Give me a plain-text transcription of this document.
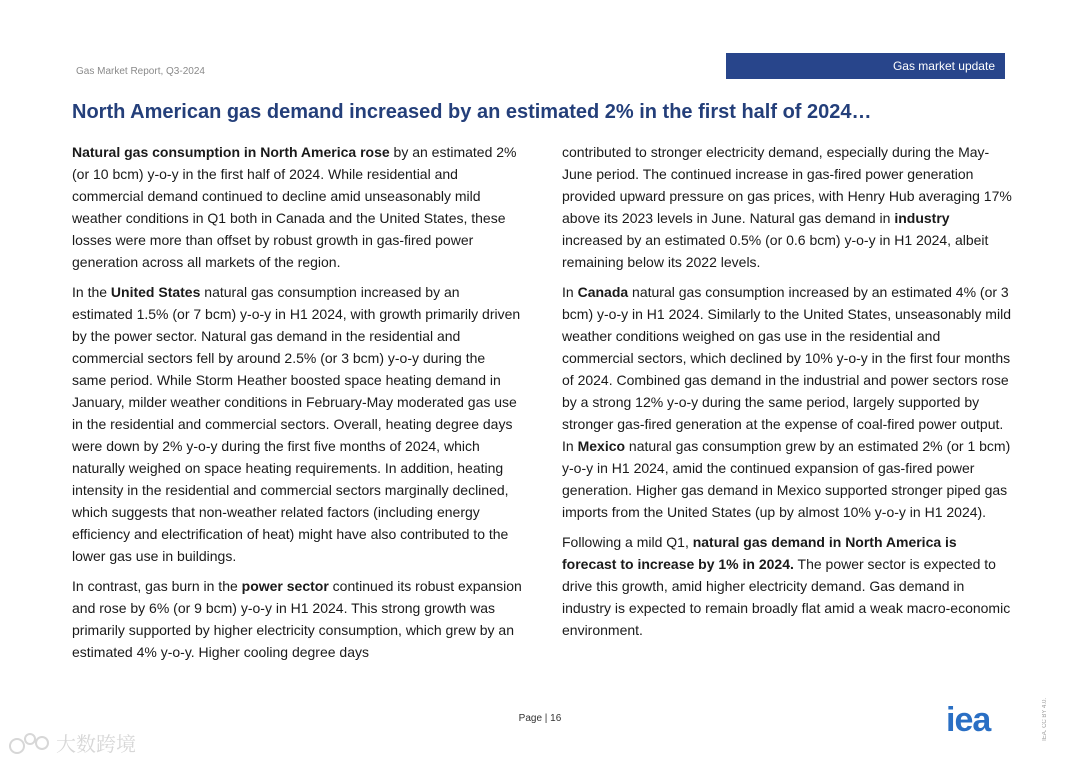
Gas Market Report, Q3-2024	Gas market update
North American gas demand increased by an estimated 2% in the first half of 2024…

Natural gas consumption in North America rose by an estimated 2% (or 10 bcm) y-o-y in the first half of 2024. While residential and commercial demand continued to decline amid unseasonably mild weather conditions in Q1 both in Canada and the United States, these losses were more than offset by robust growth in gas-fired power generation across all markets of the region.

In the United States natural gas consumption increased by an estimated 1.5% (or 7 bcm) y-o-y in H1 2024, with growth primarily driven by the power sector. Natural gas demand in the residential and commercial sectors fell by around 2.5% (or 3 bcm) y-o-y during the same period. While Storm Heather boosted space heating demand in January, milder weather conditions in February-May moderated gas use in the residential and commercial sectors. Overall, heating degree days were down by 2% y-o-y during the first five months of 2024, which naturally weighed on space heating requirements. In addition, heating intensity in the residential and commercial sectors marginally declined, which suggests that non-weather related factors (including energy efficiency and electrification of heat) might have also contributed to the lower gas use in buildings.

In contrast, gas burn in the power sector continued its robust expansion and rose by 6% (or 9 bcm) y-o-y in H1 2024. This strong growth was primarily supported by higher electricity consumption, which grew by an estimated 4% y-o-y. Higher cooling degree days

contributed to stronger electricity demand, especially during the May-June period. The continued increase in gas-fired power generation provided upward pressure on gas prices, with Henry Hub averaging 17% above its 2023 levels in June. Natural gas demand in industry increased by an estimated 0.5% (or 0.6 bcm) y-o-y in H1 2024, albeit remaining below its 2022 levels.

In Canada natural gas consumption increased by an estimated 4% (or 3 bcm) y-o-y in H1 2024. Similarly to the United States, unseasonably mild weather conditions weighed on gas use in the residential and commercial sectors, which declined by 10% y-o-y in the first four months of 2024. Combined gas demand in the industrial and power sectors rose by a strong 12% y-o-y during the same period, largely supported by stronger gas-fired generation at the expense of coal-fired power output. In Mexico natural gas consumption grew by an estimated 2% (or 1 bcm) y-o-y in H1 2024, amid the continued expansion of gas-fired power generation. Higher gas demand in Mexico supported stronger piped gas imports from the United States (up by almost 10% y-o-y in H1 2024).

Following a mild Q1, natural gas demand in North America is forecast to increase by 1% in 2024. The power sector is expected to drive this growth, amid higher electricity demand. Gas demand in industry is expected to remain broadly flat amid a weak macro-economic environment.

Page | 16	iea	IEA. CC BY 4.0.
大数跨境
